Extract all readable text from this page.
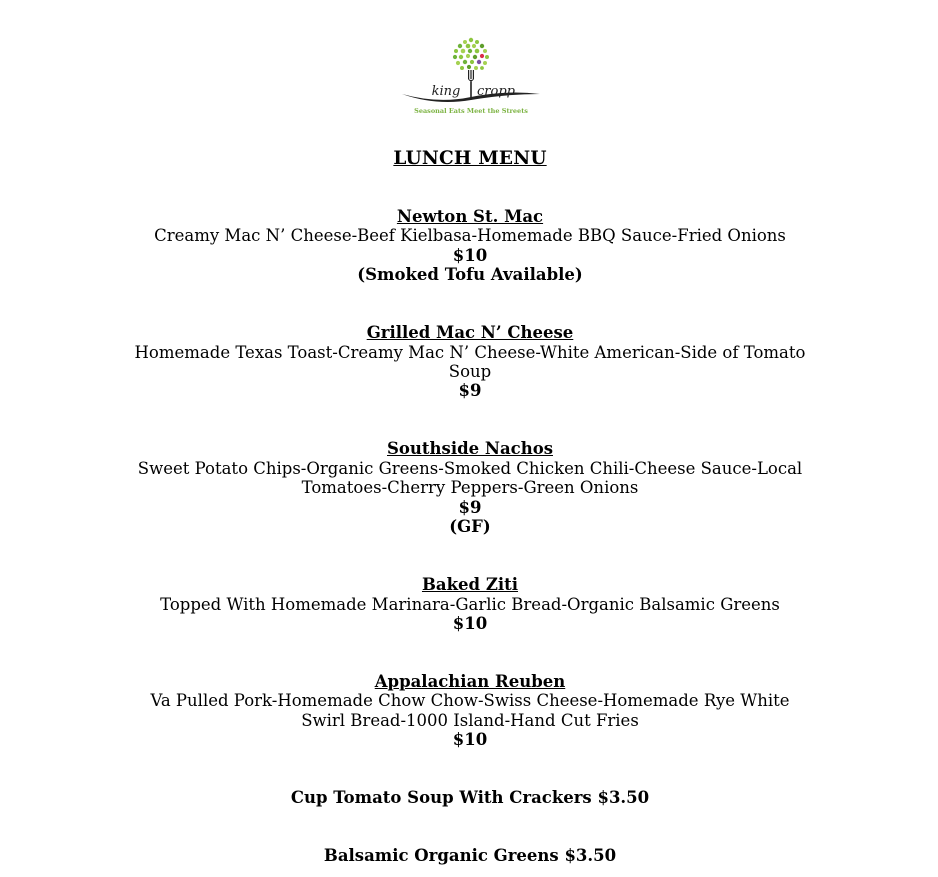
king cropp
Seasonal Eats Meet the Streets
LUNCH MENU
Newton St. Mac
Creamy Mac N’ Cheese-Beef Kielbasa-Homemade BBQ Sauce-Fried Onions
$10
(Smoked Tofu Available)
Grilled Mac N’ Cheese
Homemade Texas Toast-Creamy Mac N’ Cheese-White American-Side of Tomato
Soup
$9
Southside Nachos
Sweet Potato Chips-Organic Greens-Smoked Chicken Chili-Cheese Sauce-Local
Tomatoes-Cherry Peppers-Green Onions
$9
(GF)
Baked Ziti
Topped With Homemade Marinara-Garlic Bread-Organic Balsamic Greens
$10
Appalachian Reuben
Va Pulled Pork-Homemade Chow Chow-Swiss Cheese-Homemade Rye White
Swirl Bread-1000 Island-Hand Cut Fries
$10
Cup Tomato Soup With Crackers $3.50
Balsamic Organic Greens $3.50
